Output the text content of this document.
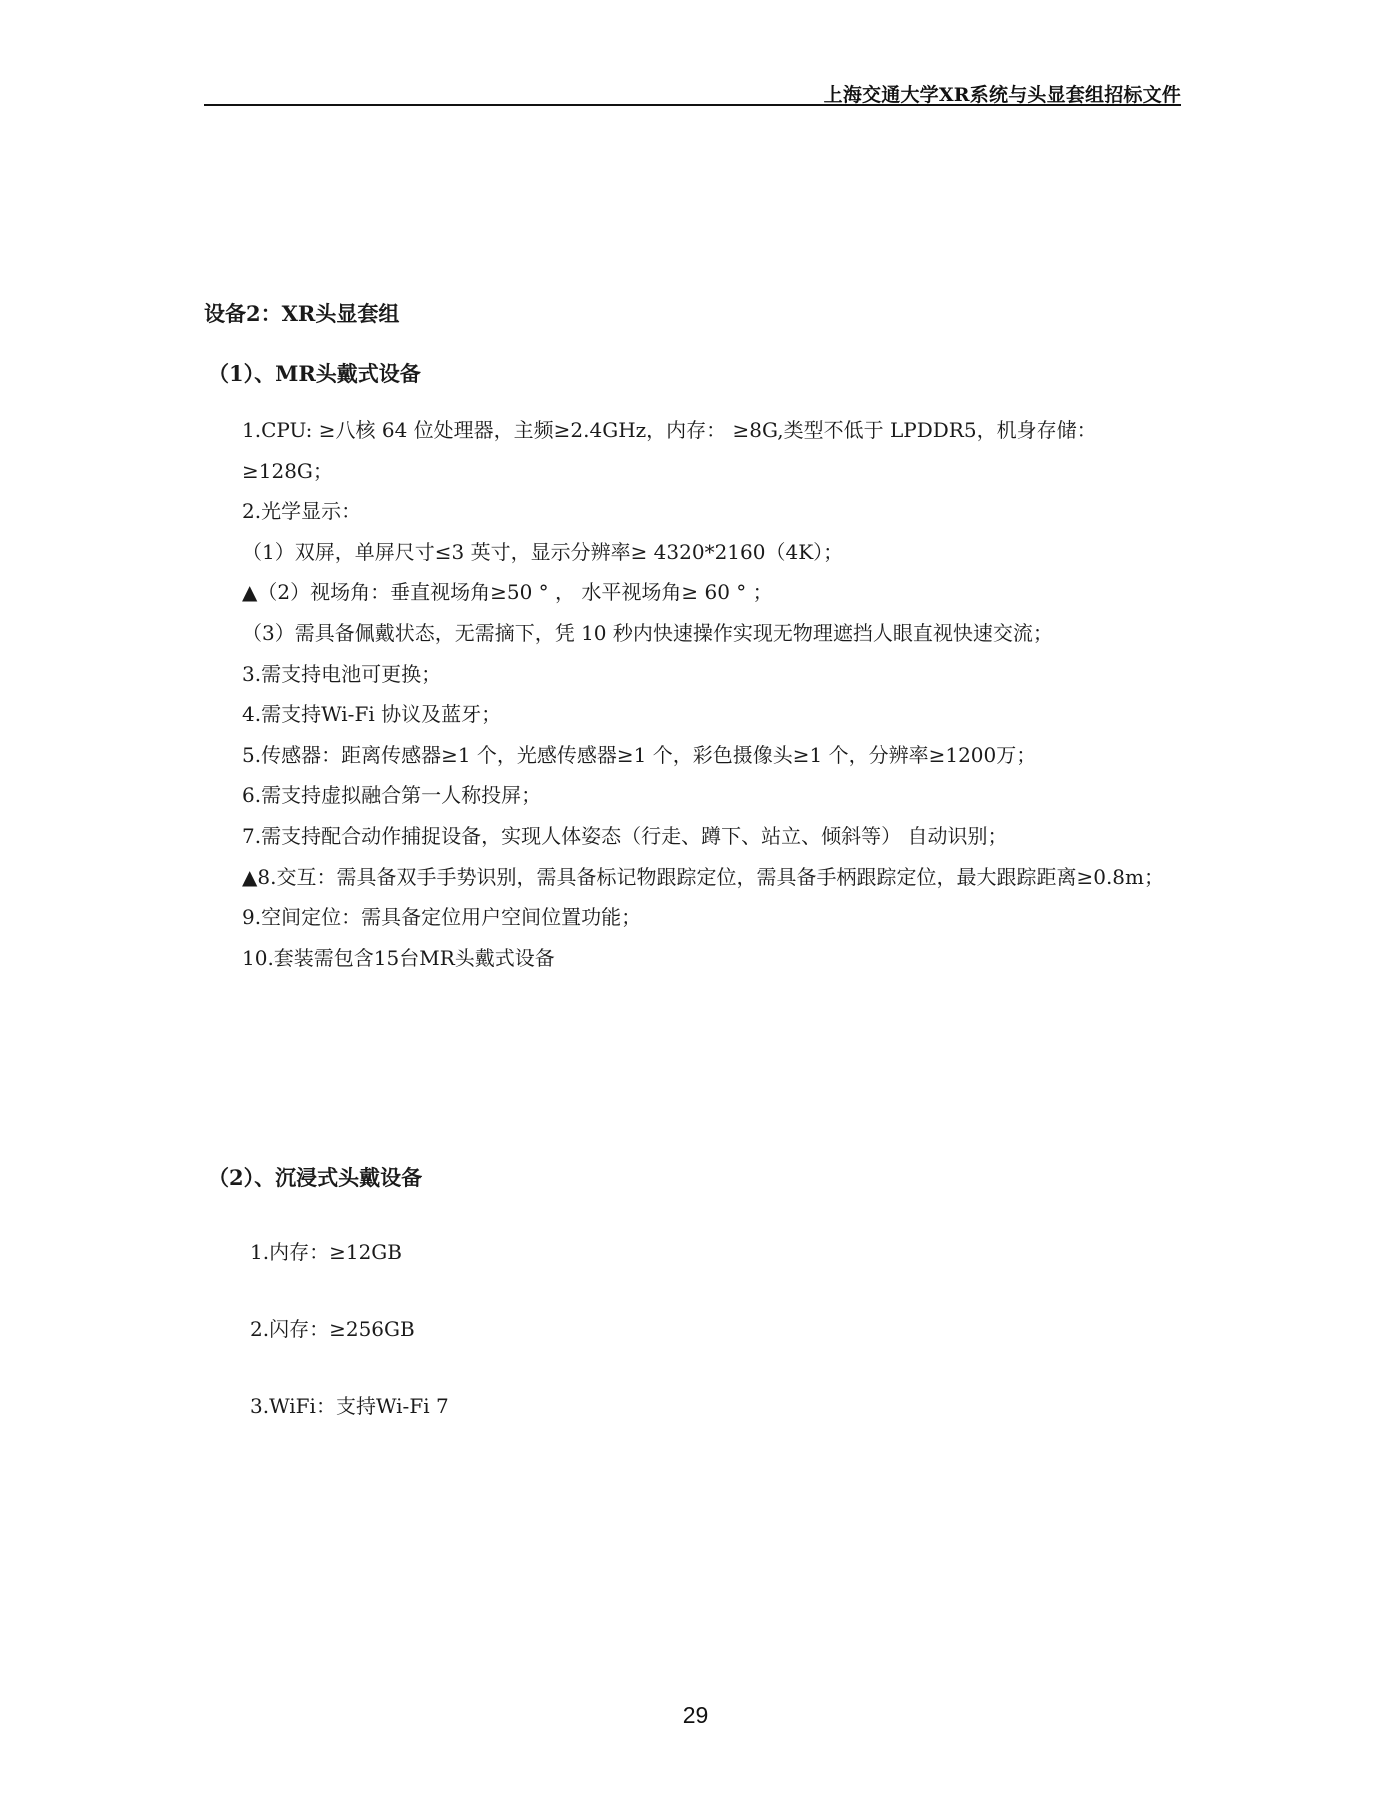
上海交通大学XR系统与头显套组招标文件
设备2：XR头显套组
（1）、MR头戴式设备
1.CPU: ≥八核 64 位处理器，主频≥2.4GHz，内存： ≥8G,类型不低于 LPDDR5，机身存储： ≥128G；
2.光学显示：
（1）双屏，单屏尺寸≤3 英寸，显示分辨率≥ 4320*2160（4K）；
▲（2）视场角：垂直视场角≥50 ° ， 水平视场角≥ 60 ° ；
（3）需具备佩戴状态，无需摘下，凭 10 秒内快速操作实现无物理遮挡人眼直视快速交流；
3.需支持电池可更换；
4.需支持Wi-Fi 协议及蓝牙；
5.传感器：距离传感器≥1 个，光感传感器≥1 个，彩色摄像头≥1 个，分辨率≥1200万；
6.需支持虚拟融合第一人称投屏；
7.需支持配合动作捕捉设备，实现人体姿态（行走、蹲下、站立、倾斜等） 自动识别；
▲8.交互：需具备双手手势识别，需具备标记物跟踪定位，需具备手柄跟踪定位，最大跟踪距离≥0.8m；
9.空间定位：需具备定位用户空间位置功能；
10.套装需包含15台MR头戴式设备
（2）、沉浸式头戴设备
1.内存：≥12GB
2.闪存：≥256GB
3.WiFi：支持Wi-Fi 7
29
